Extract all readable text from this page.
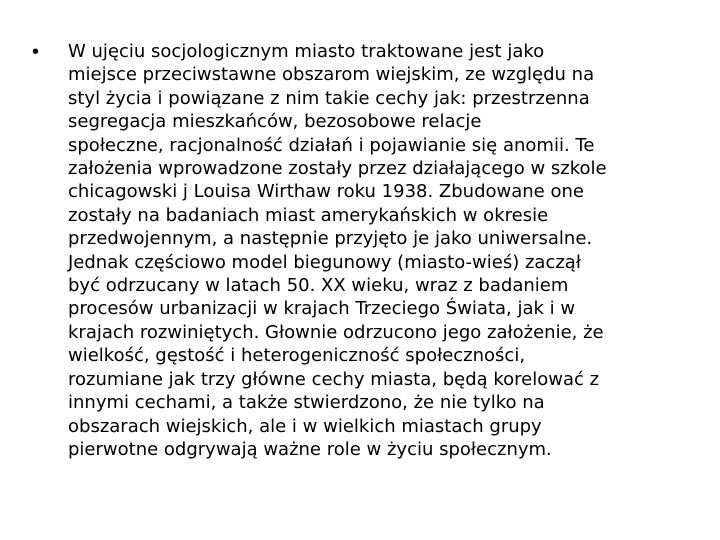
• W ujęciu socjologicznym miasto traktowane jest jako
miejsce przeciwstawne obszarom wiejskim, ze względu na
styl życia i powiązane z nim takie cechy jak: przestrzenna
segregacja mieszkańców, bezosobowe relacje
społeczne, racjonalność działań i pojawianie się anomii. Te
założenia wprowadzone zostały przez działającego w szkole
chicagowski j Louisa Wirthaw roku 1938. Zbudowane one
zostały na badaniach miast amerykańskich w okresie
przedwojennym, a następnie przyjęto je jako uniwersalne.
Jednak częściowo model biegunowy (miasto-wieś) zaczął
być odrzucany w latach 50. XX wieku, wraz z badaniem
procesów urbanizacji w krajach Trzeciego Świata, jak i w
krajach rozwiniętych. Głownie odrzucono jego założenie, że
wielkość, gęstość i heterogeniczność społeczności,
rozumiane jak trzy główne cechy miasta, będą korelować z
innymi cechami, a także stwierdzono, że nie tylko na
obszarach wiejskich, ale i w wielkich miastach grupy
pierwotne odgrywają ważne role w życiu społecznym.
